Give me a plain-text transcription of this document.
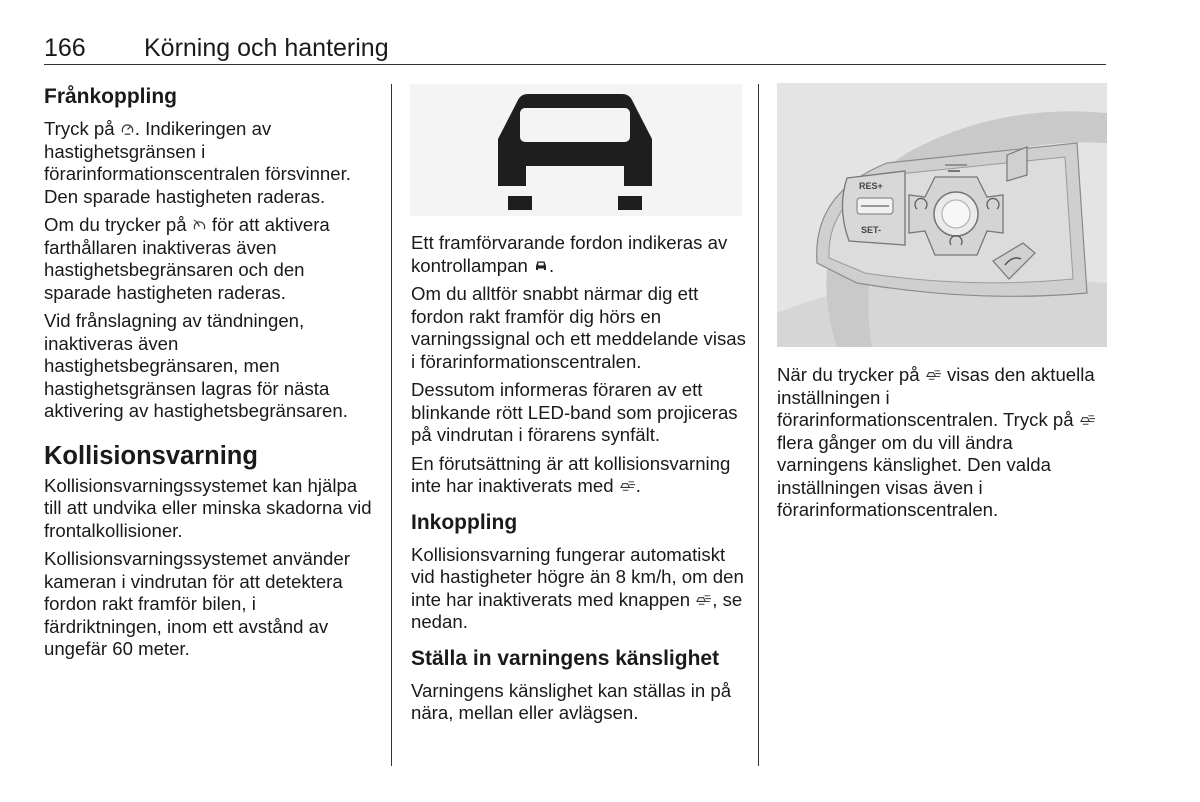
166 Körning och hantering
Frånkoppling

Tryck på . Indikeringen av hastighetsgränsen i förarinformationscentralen försvinner. Den sparade hastigheten raderas.

Om du trycker på  för att aktivera farthållaren inaktiveras även hastighetsbegränsaren och den sparade hastigheten raderas.

Vid frånslagning av tändningen, inaktiveras även hastighetsbegränsaren, men hastighetsgränsen lagras för nästa aktivering av hastighetsbegränsaren.

Kollisionsvarning

Kollisionsvarningssystemet kan hjälpa till att undvika eller minska skadorna vid frontalkollisioner.

Kollisionsvarningssystemet använder kameran i vindrutan för att detektera fordon rakt framför bilen, i färdriktningen, inom ett avstånd av ungefär 60 meter.

Ett framförvarande fordon indikeras av kontrollampan .

Om du alltför snabbt närmar dig ett fordon rakt framför dig hörs en varningssignal och ett meddelande visas i förarinformationscentralen.

Dessutom informeras föraren av ett blinkande rött LED-band som projiceras på vindrutan i förarens synfält.

En förutsättning är att kollisionsvarning inte har inaktiverats med .

Inkoppling

Kollisionsvarning fungerar automatiskt vid hastigheter högre än 8 km/h, om den inte har inaktiverats med knappen , se nedan.

Ställa in varningens känslighet

Varningens känslighet kan ställas in på nära, mellan eller avlägsen.

RES+
SET-

När du trycker på  visas den aktuella inställningen i förarinformationscentralen. Tryck på  flera gånger om du vill ändra varningens känslighet. Den valda inställningen visas även i förarinformationscentralen.
